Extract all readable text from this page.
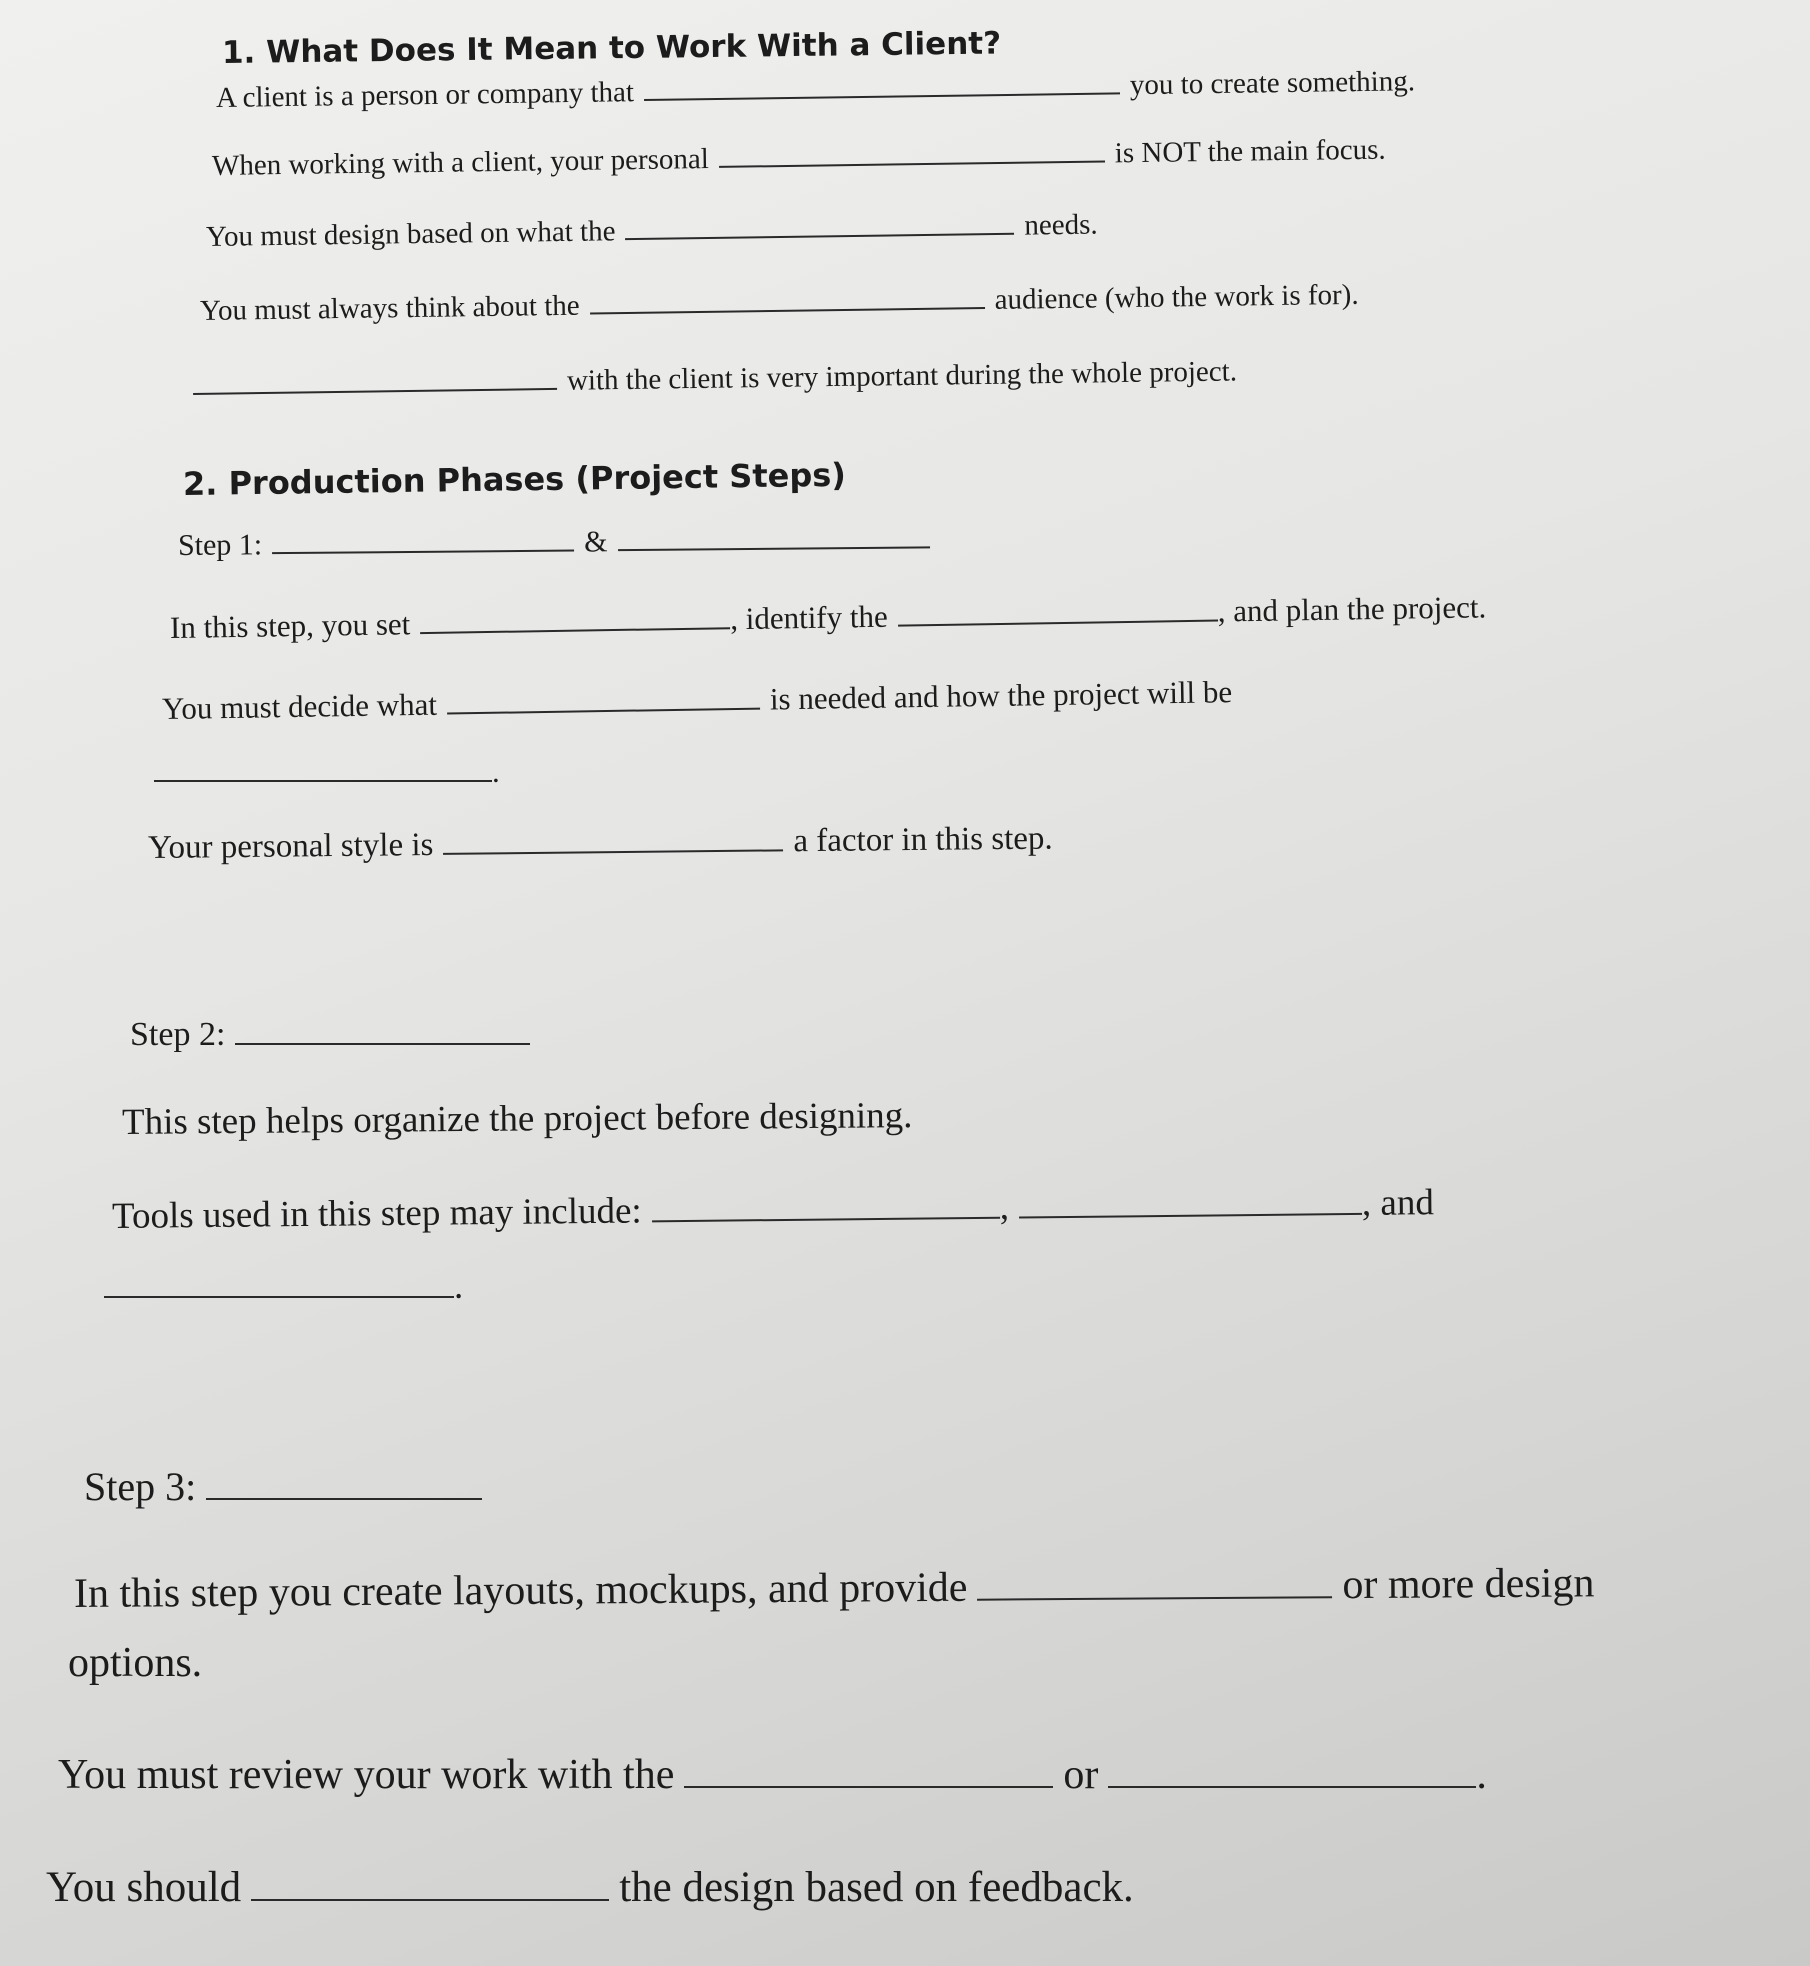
1. What Does It Mean to Work With a Client?
A client is a person or company that	you to create something.
When working with a client, your personal	is NOT the main focus.
You must design based on what the	needs.
You must always think about the	audience (who the work is for).
with the client is very important during the whole project.
2. Production Phases (Project Steps)
Step 1:	&
In this step, you set	, identify the	, and plan the project.
You must decide what	is needed and how the project will be
.
Your personal style is	a factor in this step.
Step 2:
This step helps organize the project before designing.
Tools used in this step may include:	,	, and
.
Step 3:
In this step you create layouts, mockups, and provide	or more design
options.
You must review your work with the	or	.
You should	the design based on feedback.
